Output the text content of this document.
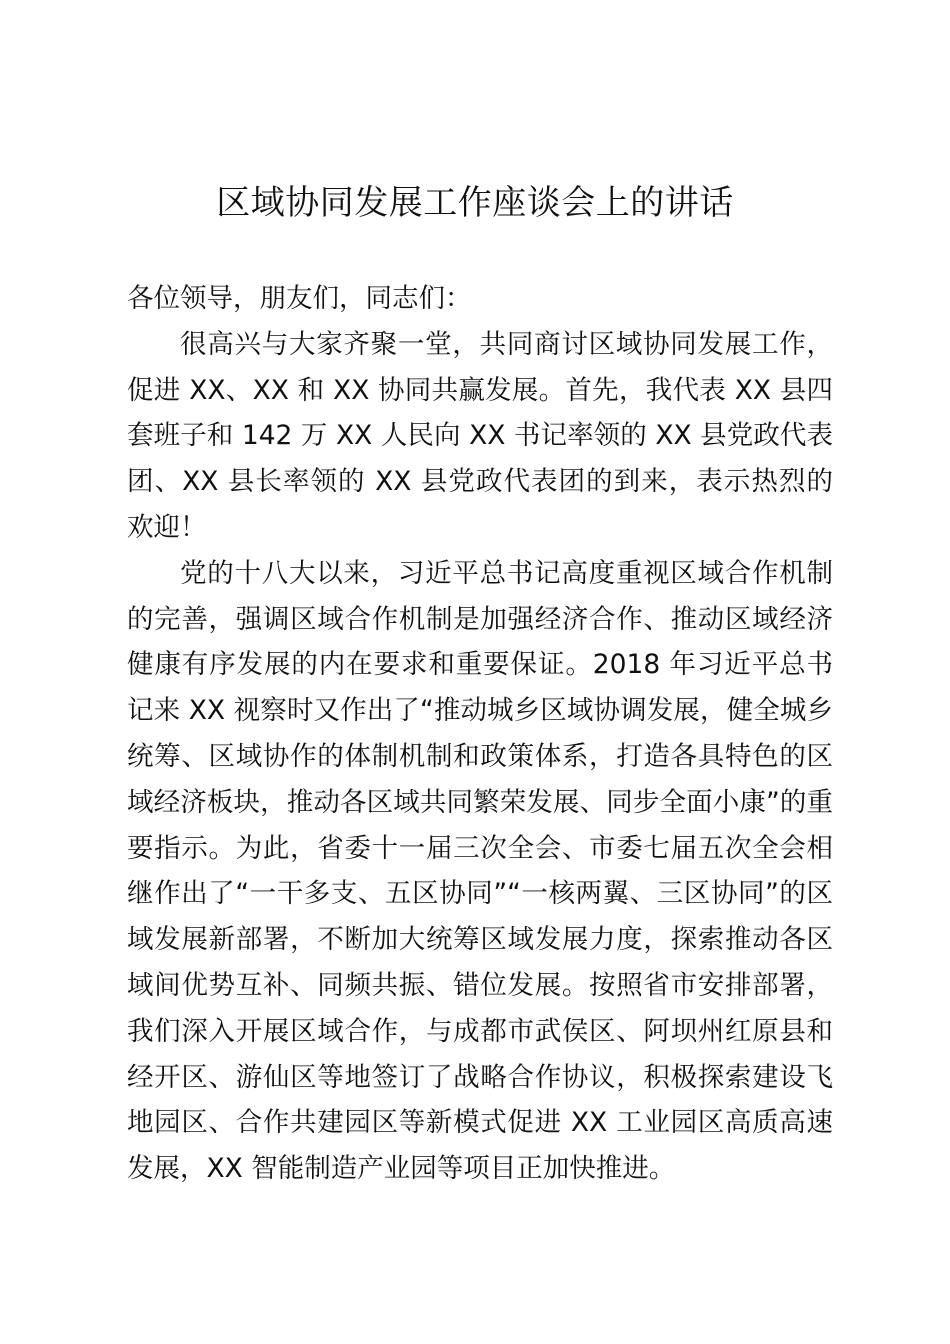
区域协同发展工作座谈会上的讲话

各位领导，朋友们，同志们：

很高兴与大家齐聚一堂，共同商讨区域协同发展工作，促进 XX、XX 和 XX 协同共赢发展。首先，我代表 XX 县四套班子和 142 万 XX 人民向 XX 书记率领的 XX 县党政代表团、XX 县长率领的 XX 县党政代表团的到来，表示热烈的欢迎！

党的十八大以来，习近平总书记高度重视区域合作机制的完善，强调区域合作机制是加强经济合作、推动区域经济健康有序发展的内在要求和重要保证。2018 年习近平总书记来 XX 视察时又作出了“推动城乡区域协调发展，健全城乡统筹、区域协作的体制机制和政策体系，打造各具特色的区域经济板块，推动各区域共同繁荣发展、同步全面小康”的重要指示。为此，省委十一届三次全会、市委七届五次全会相继作出了“一干多支、五区协同”“一核两翼、三区协同”的区域发展新部署，不断加大统筹区域发展力度，探索推动各区域间优势互补、同频共振、错位发展。按照省市安排部署，我们深入开展区域合作，与成都市武侯区、阿坝州红原县和经开区、游仙区等地签订了战略合作协议，积极探索建设飞地园区、合作共建园区等新模式促进 XX 工业园区高质高速发展，XX 智能制造产业园等项目正加快推进。
